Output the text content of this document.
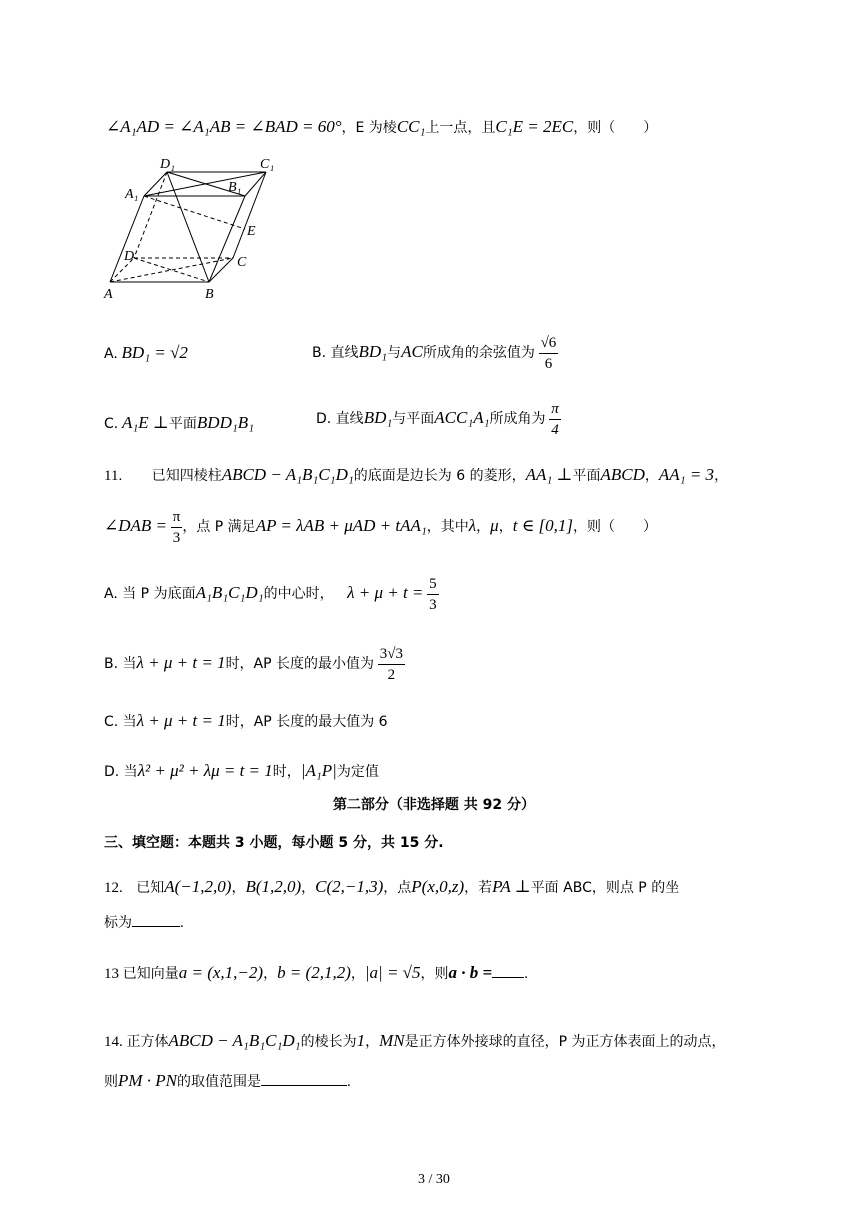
∠A₁AD = ∠A₁AB = ∠BAD = 60°，E 为棱CC₁上一点，且C₁E = 2EC，则（　　）
D₁	C₁
A₁	B₁
E
D	C
A	B
A. BD₁ = √2	B. 直线BD₁与AC所成角的余弦值为 $\frac{√6}{6}$
C. A₁E ⊥平面BDD₁B₁	D. 直线BD₁与平面ACC₁A₁所成角为 $\frac{\pi}{4}$
11. 已知四棱柱ABCD − A₁B₁C₁D₁的底面是边长为 6 的菱形，AA₁ ⊥平面ABCD，AA₁ = 3，
∠DAB = $\frac{\pi}{3}$ ，点 P 满足AP = λAB + μAD + tAA₁，其中λ，μ，t ∈ [0,1]，则（　　）
A. 当 P 为底面A₁B₁C₁D₁的中心时， $\lambda + \mu + t = \frac{5}{3}$
B. 当λ + μ + t = 1时，AP 长度的最小值为 $\frac{3√3}{2}$
C. 当λ + μ + t = 1时，AP 长度的最大值为 6
D. 当λ² + μ² + λμ = t = 1时，|A₁P|为定值
第二部分（非选择题 共 92 分）
三、填空题：本题共 3 小题，每小题 5 分，共 15 分.
12. 已知A(−1,2,0)，B(1,2,0)，C(2,−1,3)，点P(x,0,z)，若PA ⊥平面 ABC，则点 P 的坐
标为	.
13 已知向量a = (x,1,−2)，b = (2,1,2)，|a| = √5，则a · b = .
14. 正方体ABCD − A₁B₁C₁D₁的棱长为1，MN是正方体外接球的直径，P 为正方体表面上的动点，
则PM · PN的取值范围是	.
3 / 30
